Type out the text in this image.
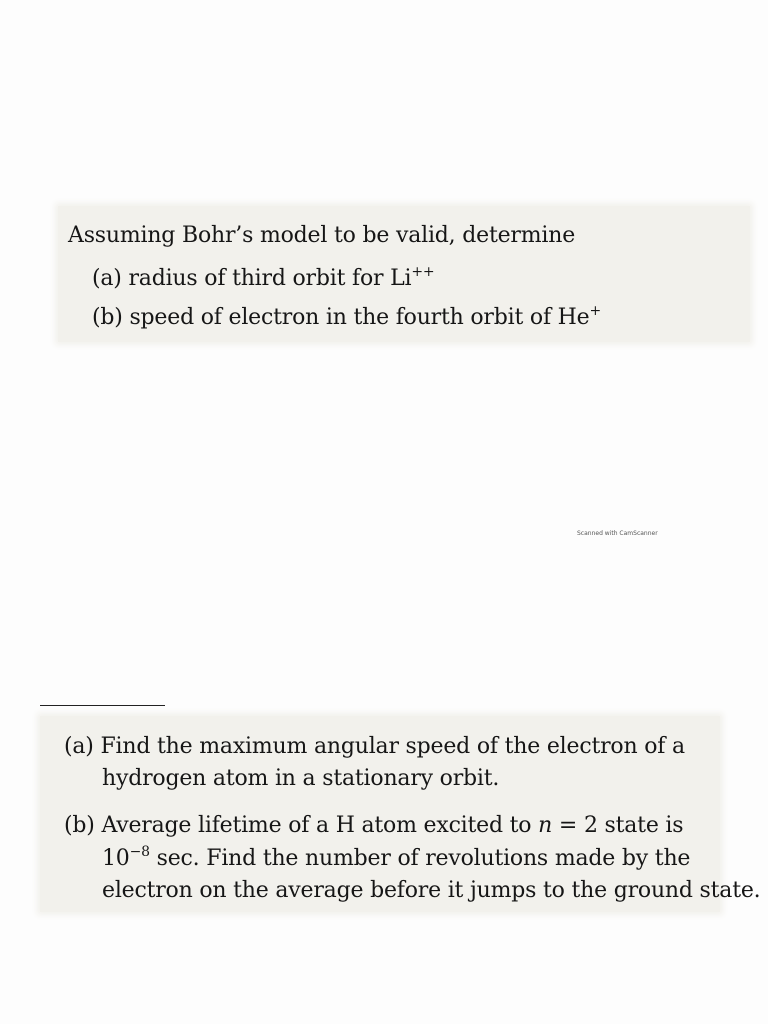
Assuming Bohr’s model to be valid, determine
(a) radius of third orbit for Li++
(b) speed of electron in the fourth orbit of He+
Scanned with CamScanner
(a) Find the maximum angular speed of the electron of a
hydrogen atom in a stationary orbit.
(b) Average lifetime of a H atom excited to n = 2 state is
$10^{-8}$ sec. Find the number of revolutions made by the
electron on the average before it jumps to the ground state.
